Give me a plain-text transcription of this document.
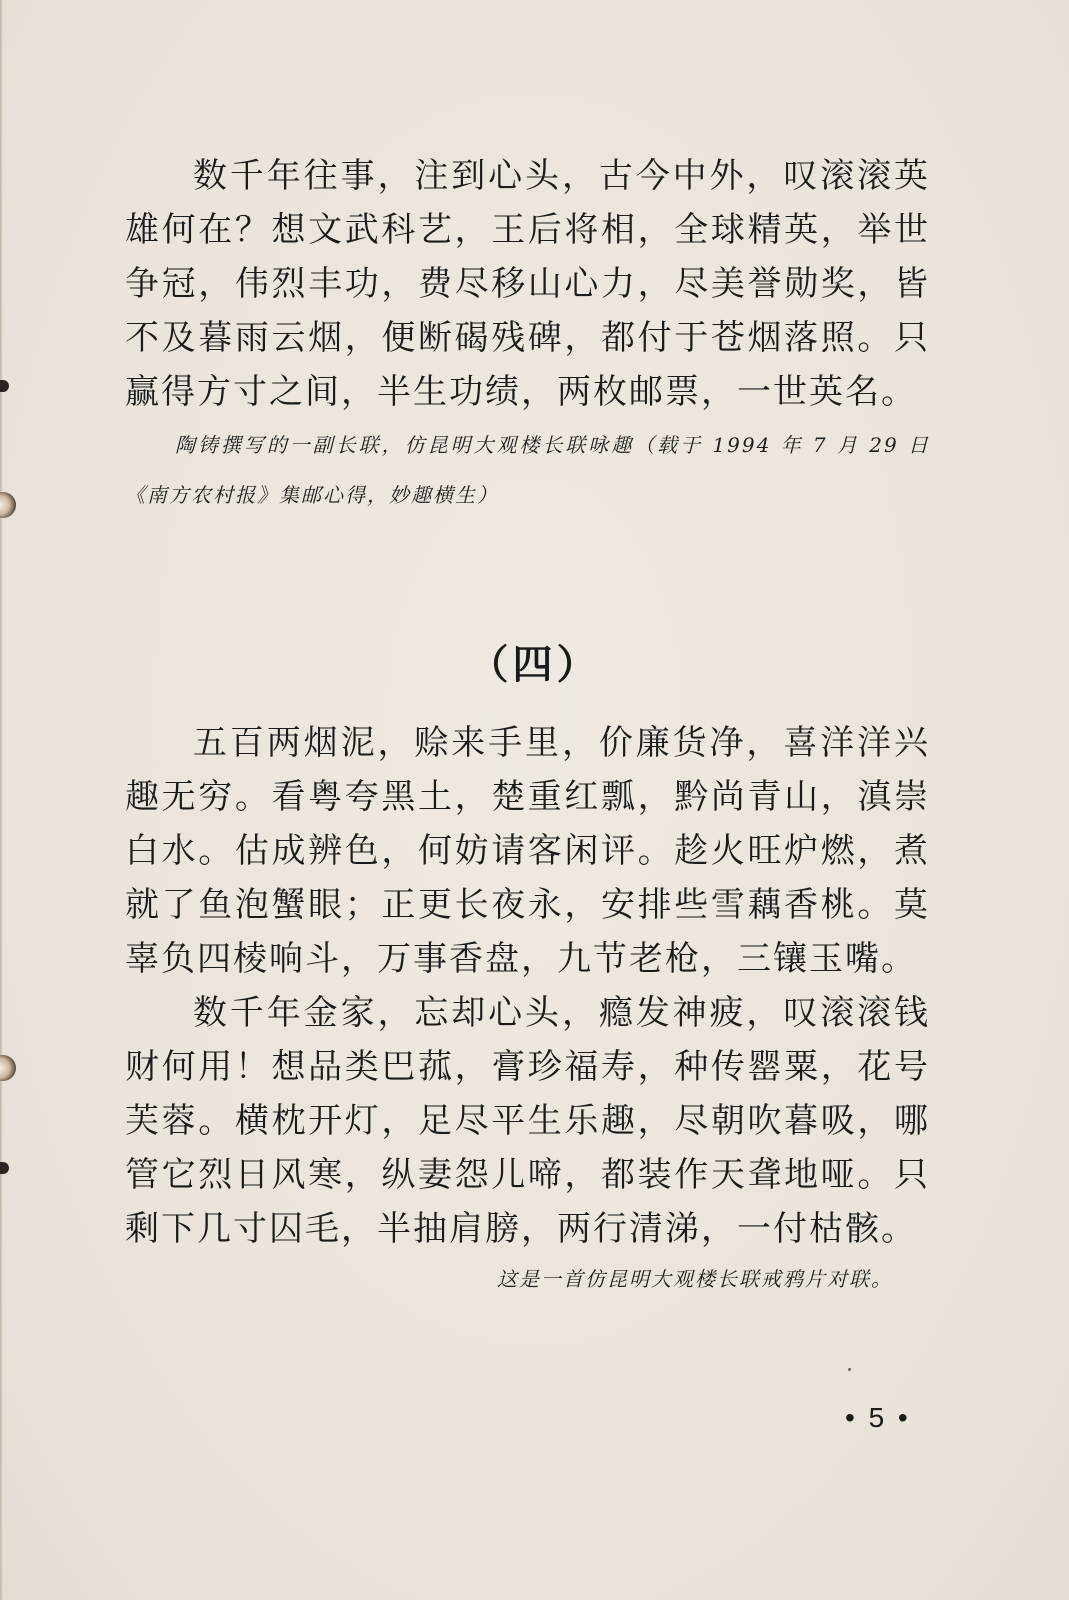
数千年往事，注到心头，古今中外，叹滚滚英雄何在？想文武科艺，王后将相，全球精英，举世争冠，伟烈丰功，费尽移山心力，尽美誉勋奖，皆不及暮雨云烟，便断碣残碑，都付于苍烟落照。只赢得方寸之间，半生功绩，两枚邮票，一世英名。

陶铸撰写的一副长联，仿昆明大观楼长联咏趣（载于 1994 年 7 月 29 日《南方农村报》集邮心得，妙趣横生）

（四）

五百两烟泥，赊来手里，价廉货净，喜洋洋兴趣无穷。看粤夸黑土，楚重红瓢，黔尚青山，滇崇白水。估成辨色，何妨请客闲评。趁火旺炉燃，煮就了鱼泡蟹眼；正更长夜永，安排些雪藕香桃。莫辜负四棱响斗，万事香盘，九节老枪，三镶玉嘴。

数千年金家，忘却心头，瘾发神疲，叹滚滚钱财何用！想品类巴菰，膏珍福寿，种传罂粟，花号芙蓉。横枕开灯，足尽平生乐趣，尽朝吹暮吸，哪管它烈日风寒，纵妻怨儿啼，都装作天聋地哑。只剩下几寸囚毛，半抽肩膀，两行清涕，一付枯骸。

这是一首仿昆明大观楼长联戒鸦片对联。

• 5 •
